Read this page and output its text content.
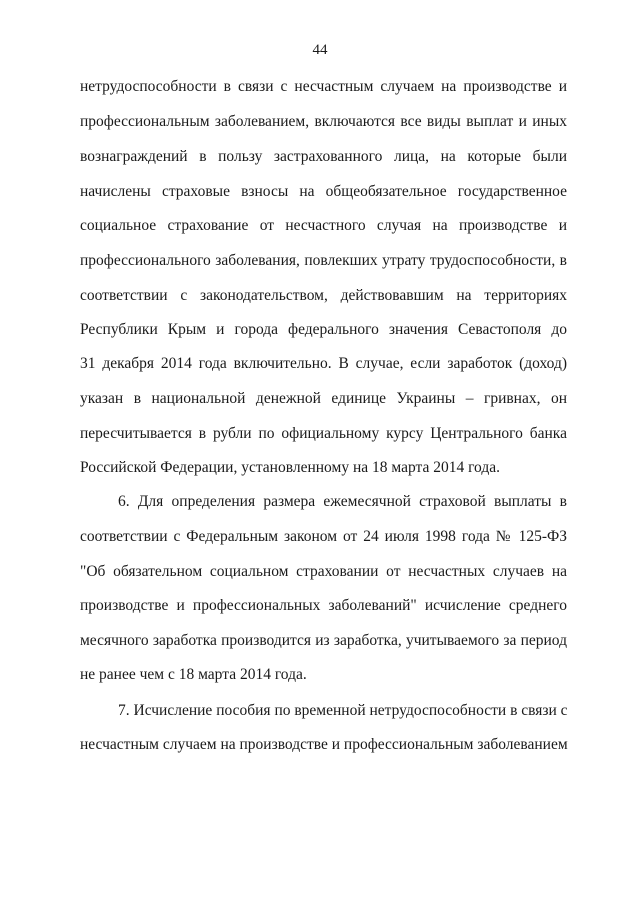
44
нетрудоспособности в связи с несчастным случаем на производстве и
профессиональным заболеванием, включаются все виды выплат и иных
вознаграждений в пользу застрахованного лица, на которые были
начислены страховые взносы на общеобязательное государственное
социальное страхование от несчастного случая на производстве и
профессионального заболевания, повлекших утрату трудоспособности, в
соответствии с законодательством, действовавшим на территориях
Республики Крым и города федерального значения Севастополя до
31 декабря 2014 года включительно. В случае, если заработок (доход)
указан в национальной денежной единице Украины – гривнах, он
пересчитывается в рубли по официальному курсу Центрального банка
Российской Федерации, установленному на 18 марта 2014 года.
6. Для определения размера ежемесячной страховой выплаты в
соответствии с Федеральным законом от 24 июля 1998 года № 125-ФЗ
"Об обязательном социальном страховании от несчастных случаев на
производстве и профессиональных заболеваний" исчисление среднего
месячного заработка производится из заработка, учитываемого за период
не ранее чем с 18 марта 2014 года.
7. Исчисление пособия по временной нетрудоспособности в связи с
несчастным случаем на производстве и профессиональным заболеванием
